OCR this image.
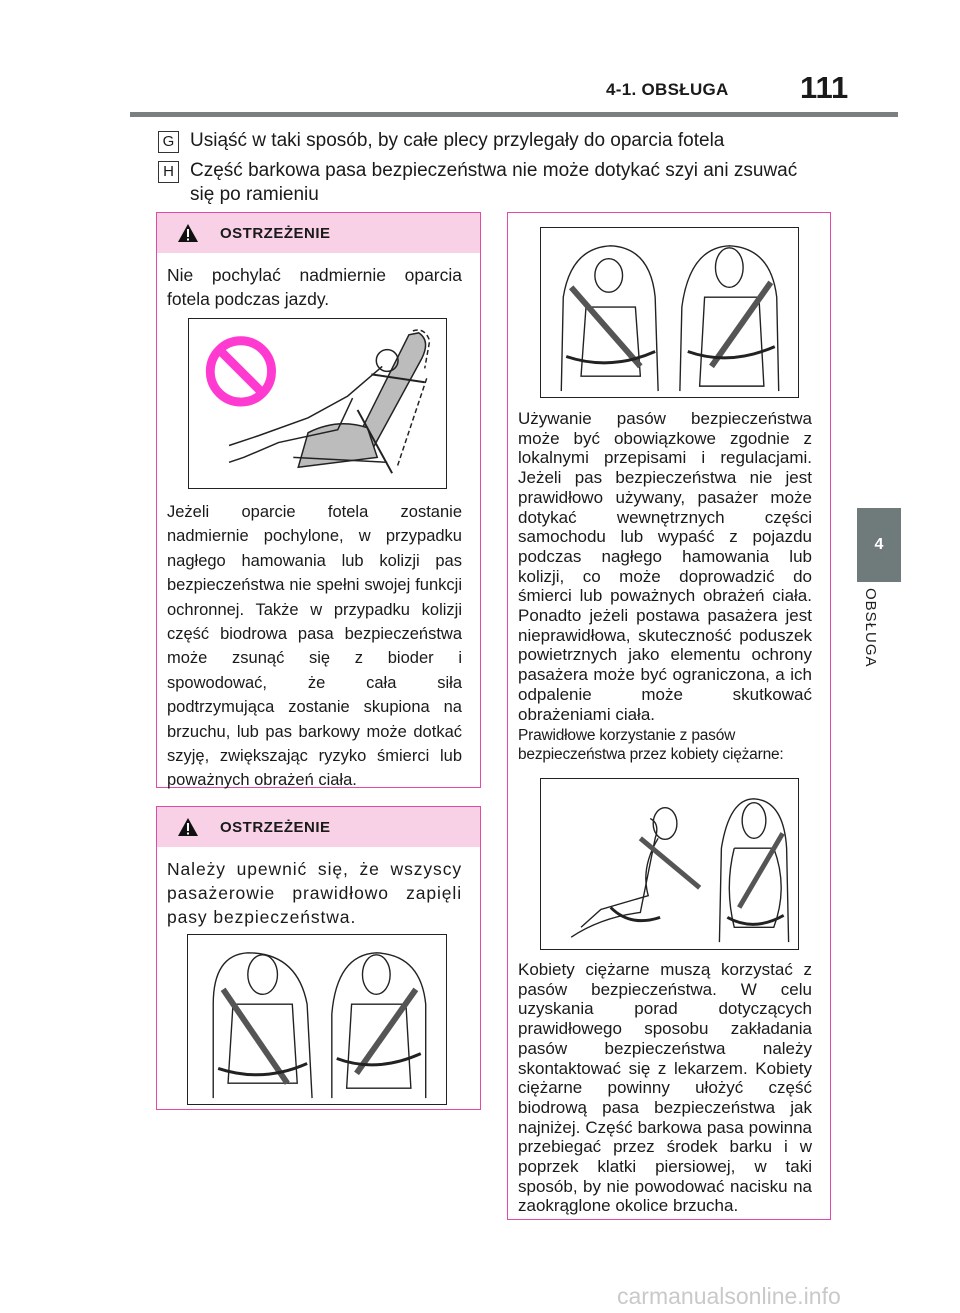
4-1. OBSŁUGA 111
4
OBSŁUGA
G Usiąść w taki sposób, by całe plecy przylegały do oparcia fotela
H Część barkowa pasa bezpieczeństwa nie może dotykać szyi ani zsuwać się po ramieniu
OSTRZEŻENIE
Nie pochylać nadmiernie oparcia fotela podczas jazdy.
Jeżeli oparcie fotela zostanie nadmiernie pochylone, w przypadku nagłego hamowania lub kolizji pas bezpieczeństwa nie spełni swojej funkcji ochronnej. Także w przypadku kolizji część biodrowa pasa bezpieczeństwa może zsunąć się z bioder i spowodować, że cała siła podtrzymująca zostanie skupiona na brzuchu, lub pas barkowy może dotkać szyję, zwiększając ryzyko śmierci lub poważnych obrażeń ciała.
OSTRZEŻENIE
Należy upewnić się, że wszyscy pasażerowie prawidłowo zapięli pasy bezpieczeństwa.
Używanie pasów bezpieczeństwa może być obowiązkowe zgodnie z lokalnymi przepisami i regulacjami. Jeżeli pas bezpieczeństwa nie jest prawidłowo używany, pasażer może dotykać wewnętrznych części samochodu lub wypaść z pojazdu podczas nagłego hamowania lub kolizji, co może doprowadzić do śmierci lub poważnych obrażeń ciała. Ponadto jeżeli postawa pasażera jest nieprawidłowa, skuteczność poduszek powietrznych jako elementu ochrony pasażera może być ograniczona, a ich odpalenie może skutkować obrażeniami ciała.
Prawidłowe korzystanie z pasów bezpieczeństwa przez kobiety ciężarne:
Kobiety ciężarne muszą korzystać z pasów bezpieczeństwa. W celu uzyskania porad dotyczących prawidłowego sposobu zakładania pasów bezpieczeństwa należy skontaktować się z lekarzem. Kobiety ciężarne powinny ułożyć część biodrową pasa bezpieczeństwa jak najniżej. Część barkowa pasa powinna przebiegać przez środek barku i w poprzek klatki piersiowej, w taki sposób, by nie powodować nacisku na zaokrąglone okolice brzucha.
carmanualsonline.info
